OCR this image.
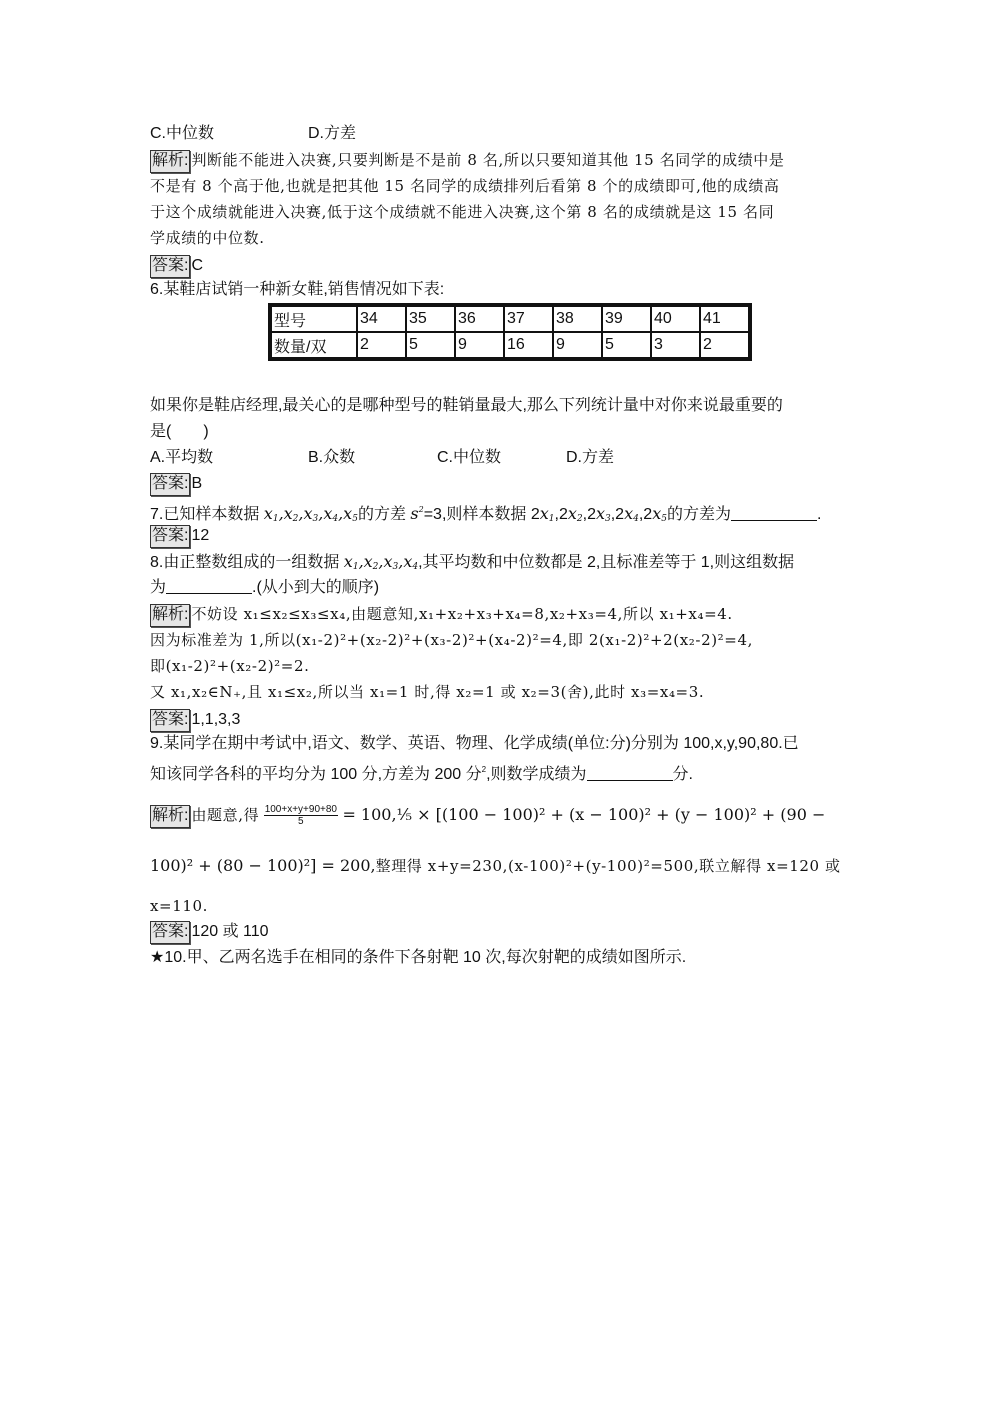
C.中位数	D.方差
解析: 判断能不能进入决赛,只要判断是不是前 8 名,所以只要知道其他 15 名同学的成绩中是
不是有 8 个高于他,也就是把其他 15 名同学的成绩排列后看第 8 个的成绩即可,他的成绩高
于这个成绩就能进入决赛,低于这个成绩就不能进入决赛,这个第 8 名的成绩就是这 15 名同
学成绩的中位数.
答案: C
6.某鞋店试销一种新女鞋,销售情况如下表:
型号	34	35	36	37	38	39	40	41
数量/双	2	5	9	16	9	5	3	2
如果你是鞋店经理,最关心的是哪种型号的鞋销量最大,那么下列统计量中对你来说最重要的
是(　　)
A.平均数	B.众数	C.中位数	D.方差
答案: B
7.已知样本数据 $x_1,x_2,x_3,x_4,x_5$的方差 $s^2=3$,则样本数据 $2x_1,2x_2,2x_3,2x_4,2x_5$的方差为	.
答案: 12
8.由正整数组成的一组数据 $x_1,x_2,x_3,x_4$,其平均数和中位数都是 2,且标准差等于 1,则这组数据
为	.(从小到大的顺序)
解析: 不妨设 x₁≤x₂≤x₃≤x₄,由题意知,x₁+x₂+x₃+x₄=8,x₂+x₃=4,所以 x₁+x₄=4.
因为标准差为 1,所以(x₁-2)²+(x₂-2)²+(x₃-2)²+(x₄-2)²=4,即 2(x₁-2)²+2(x₂-2)²=4,
即(x₁-2)²+(x₂-2)²=2.
又 x₁,x₂∈N₊,且 x₁≤x₂,所以当 x₁=1 时,得 x₂=1 或 x₂=3(舍),此时 x₃=x₄=3.
答案: 1,1,3,3
9.某同学在期中考试中,语文、数学、英语、物理、化学成绩(单位:分)分别为 100,x,y,90,80.已
知该同学各科的平均分为 100 分,方差为 200 分$^2$,则数学成绩为	分.
解析: 由题意,得 $\frac{100+x+y+90+80}{5}$ = 100,⅕ × [(100 − 100)² + (x − 100)² + (y − 100)² + (90 −
100)² + (80 − 100)²] = 200,整理得 x+y=230,(x-100)²+(y-100)²=500,联立解得 x=120 或
x=110.
答案: 120 或 110
★10.甲、乙两名选手在相同的条件下各射靶 10 次,每次射靶的成绩如图所示.
